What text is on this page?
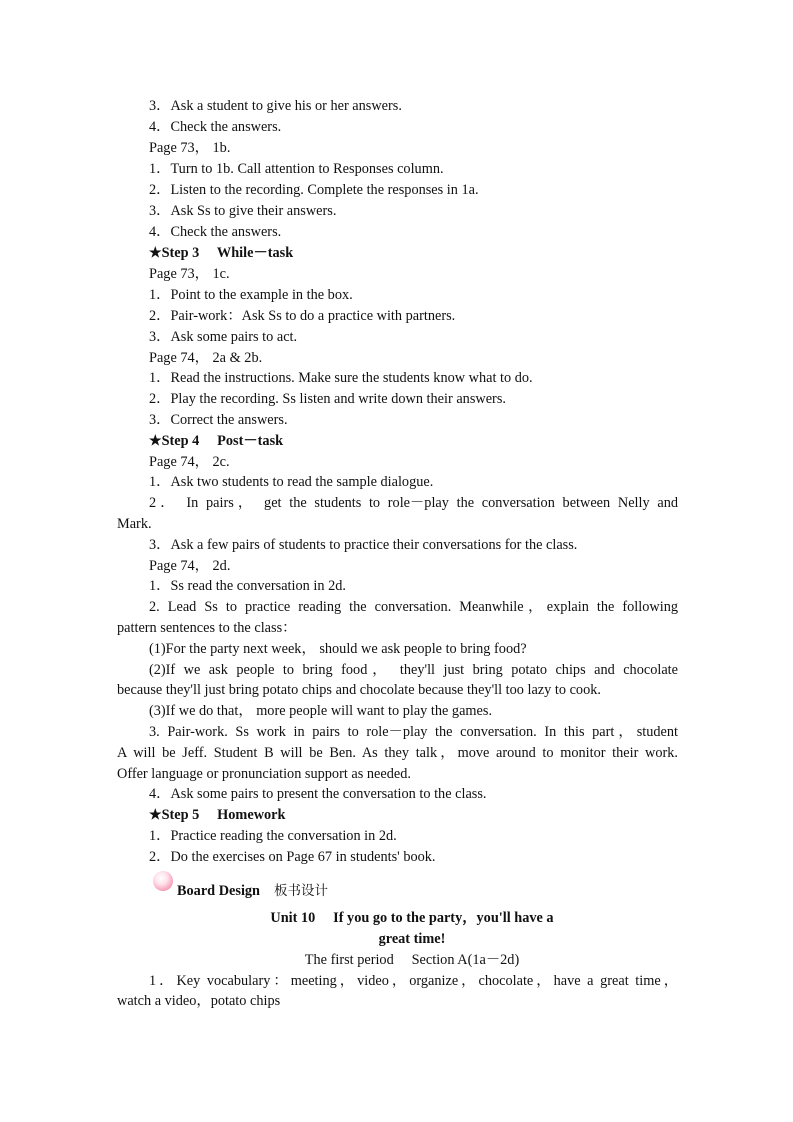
3．Ask a student to give his or her answers.
4．Check the answers.
Page 73， 1b.
1．Turn to 1b. Call attention to Responses column.
2．Listen to the recording. Complete the responses in 1a.
3．Ask Ss to give their answers.
4．Check the answers.
★Step 3　 While－task
Page 73， 1c.
1．Point to the example in the box.
2．Pair-work：Ask Ss to do a practice with partners.
3．Ask some pairs to act.
Page 74， 2a & 2b.
1．Read the instructions. Make sure the students know what to do.
2．Play the recording. Ss listen and write down their answers.
3．Correct the answers.
★Step 4　 Post－task
Page 74， 2c.
1．Ask two students to read the sample dialogue.
2． In pairs， get the students to role－play the conversation between Nelly and
Mark.
3．Ask a few pairs of students to practice their conversations for the class.
Page 74， 2d.
1．Ss read the conversation in 2d.
2. Lead Ss to practice reading the conversation. Meanwhile，explain the following
pattern sentences to the class：
(1)For the party next week， should we ask people to bring food?
(2)If we ask people to bring food， they'll just bring potato chips and chocolate
because they'll just bring potato chips and chocolate because they'll too lazy to cook.
(3)If we do that， more people will want to play the games.
3. Pair-work. Ss work in pairs to role－play the conversation. In this part，student
A will be Jeff. Student B will be Ben. As they talk，move around to monitor their work.
Offer language or pronunciation support as needed.
4．Ask some pairs to present the conversation to the class.
★Step 5　 Homework
1．Practice reading the conversation in 2d.
2．Do the exercises on Page 67 in students' book.
Board Design 板书设计
Unit 10　 If you go to the party，you'll have a
great time!
The first period　 Section A(1a－2d)
1．Key vocabulary：meeting，video，organize，chocolate，have a great time，
watch a video，potato chips
